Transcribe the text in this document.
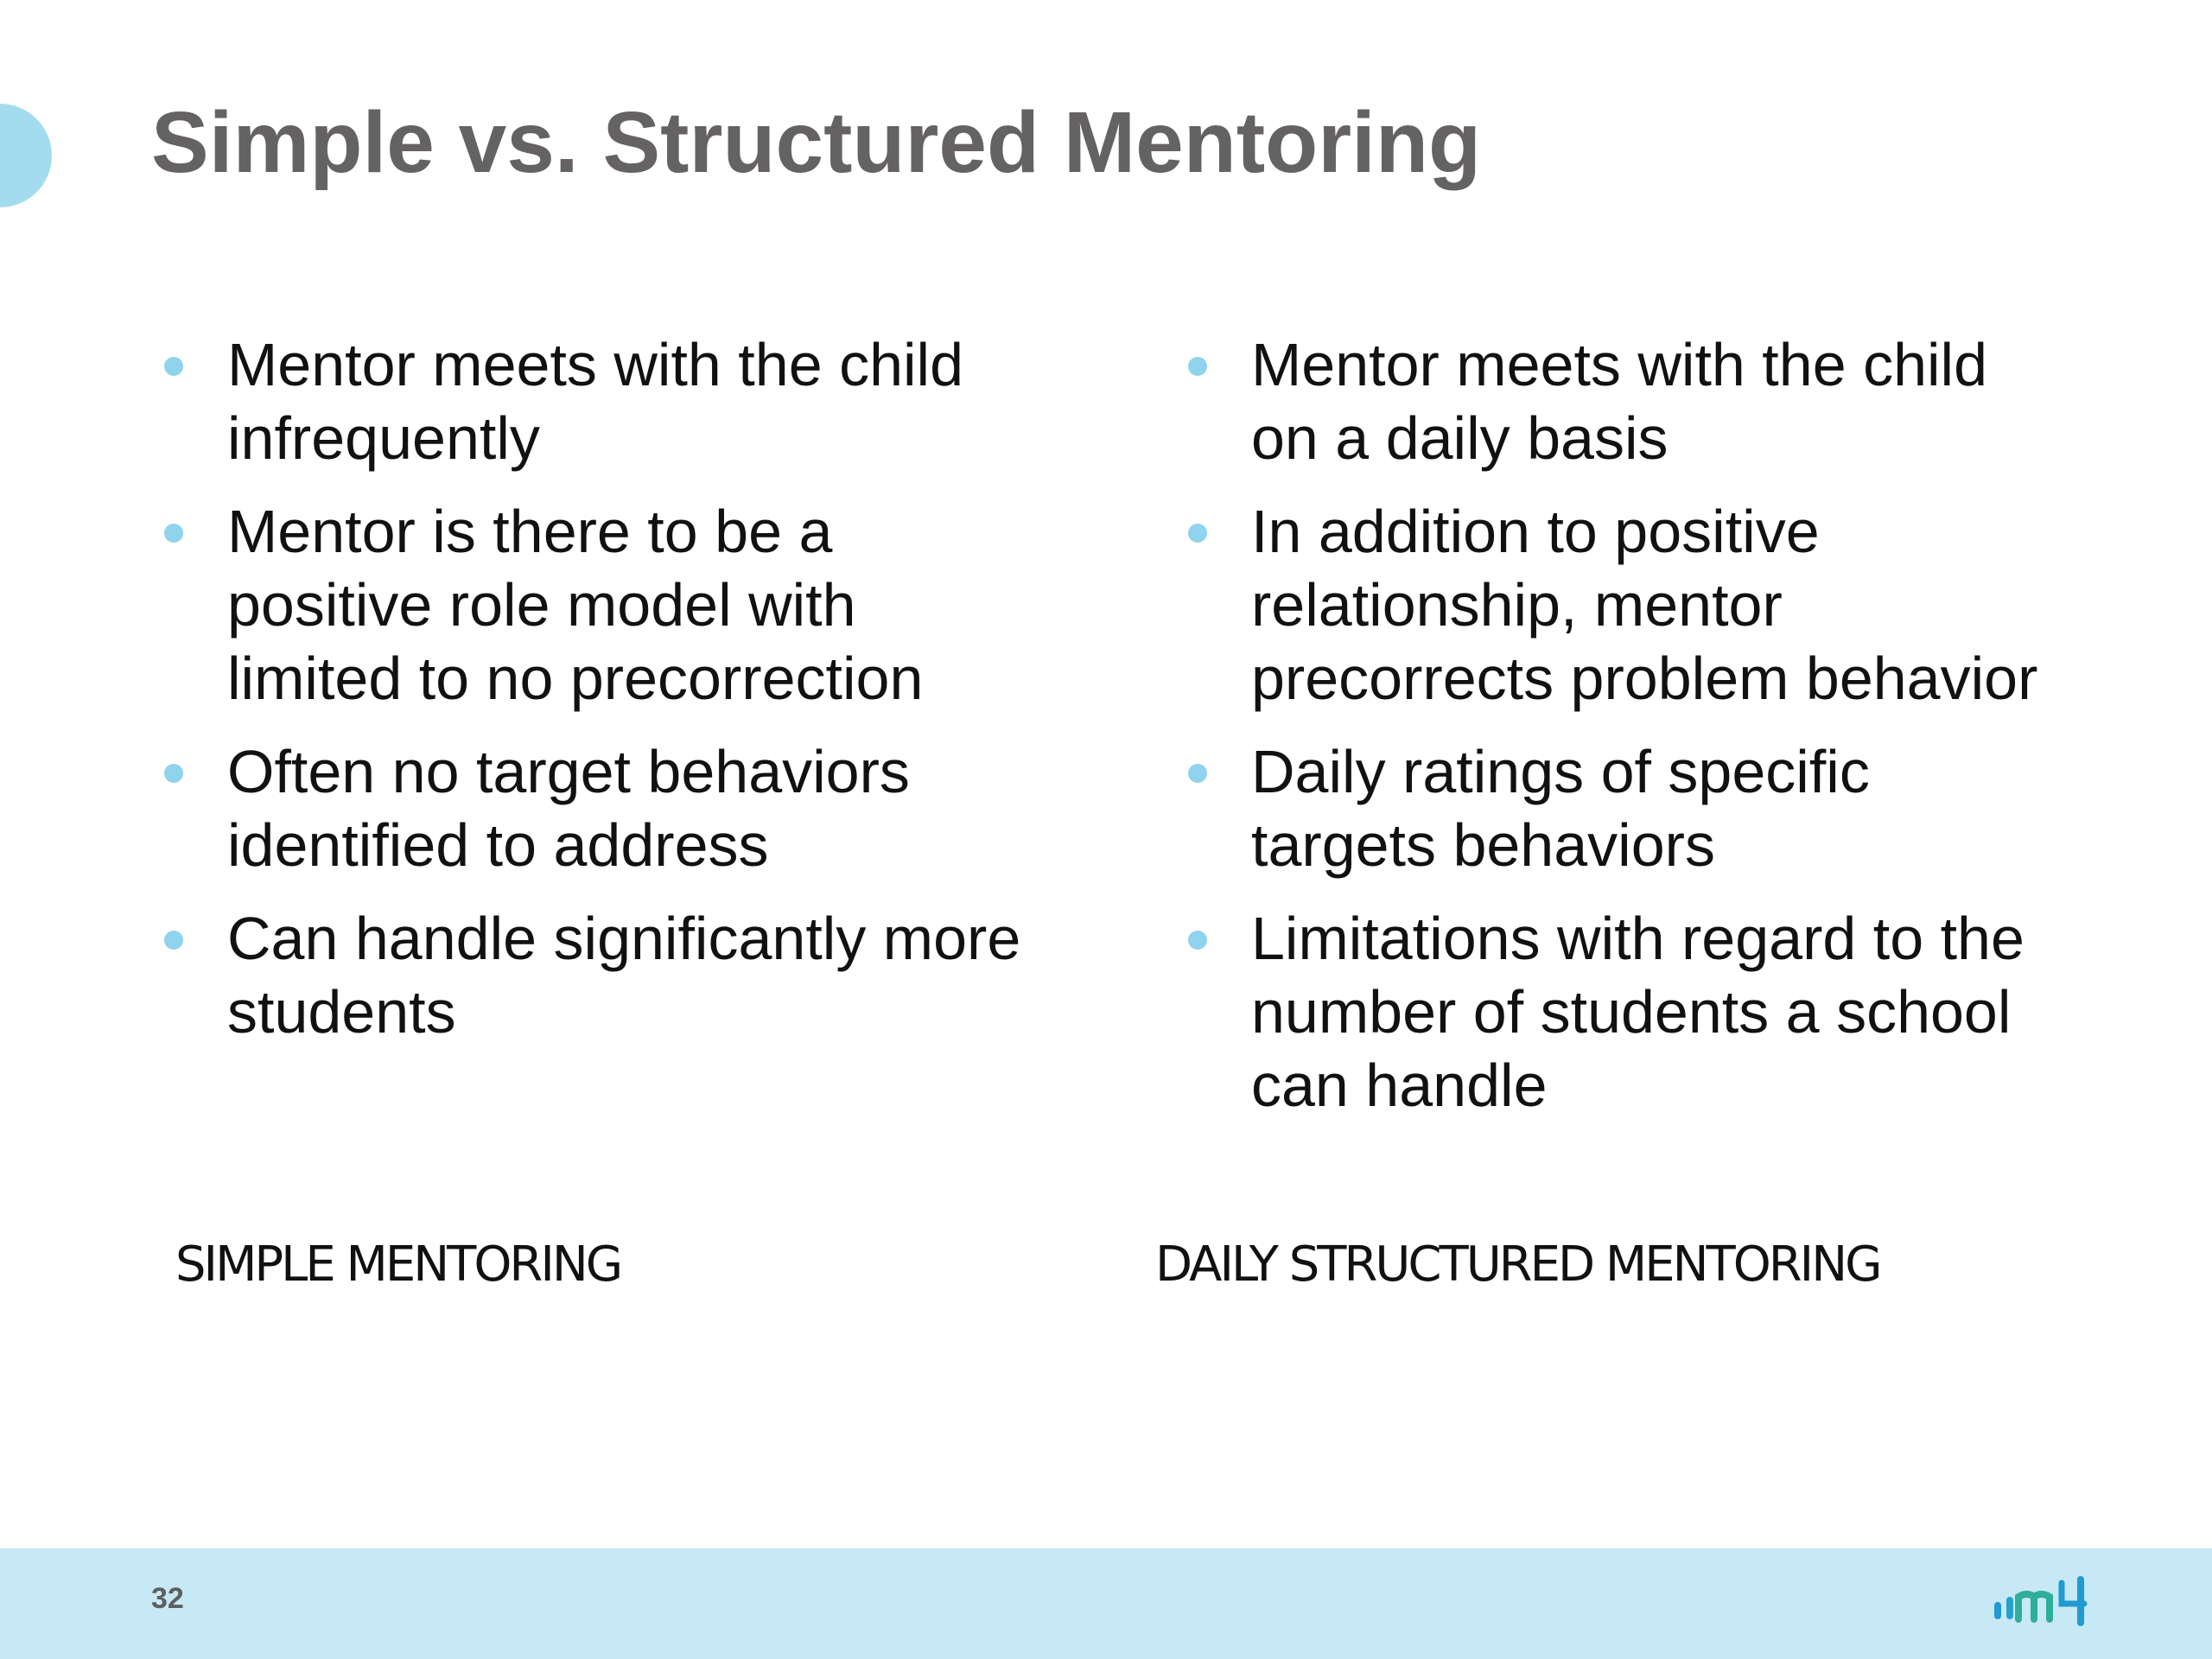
Simple vs. Structured Mentoring
Mentor meets with the child infrequently
Mentor is there to be a positive role model with limited to no precorrection
Often no target behaviors identified to address
Can handle significantly more students
Mentor meets with the child on a daily basis
In addition to positive relationship, mentor precorrects problem behavior
Daily ratings of specific targets behaviors
Limitations with regard to the number of students a school can handle

SIMPLE MENTORING	DAILY STRUCTURED MENTORING

32
